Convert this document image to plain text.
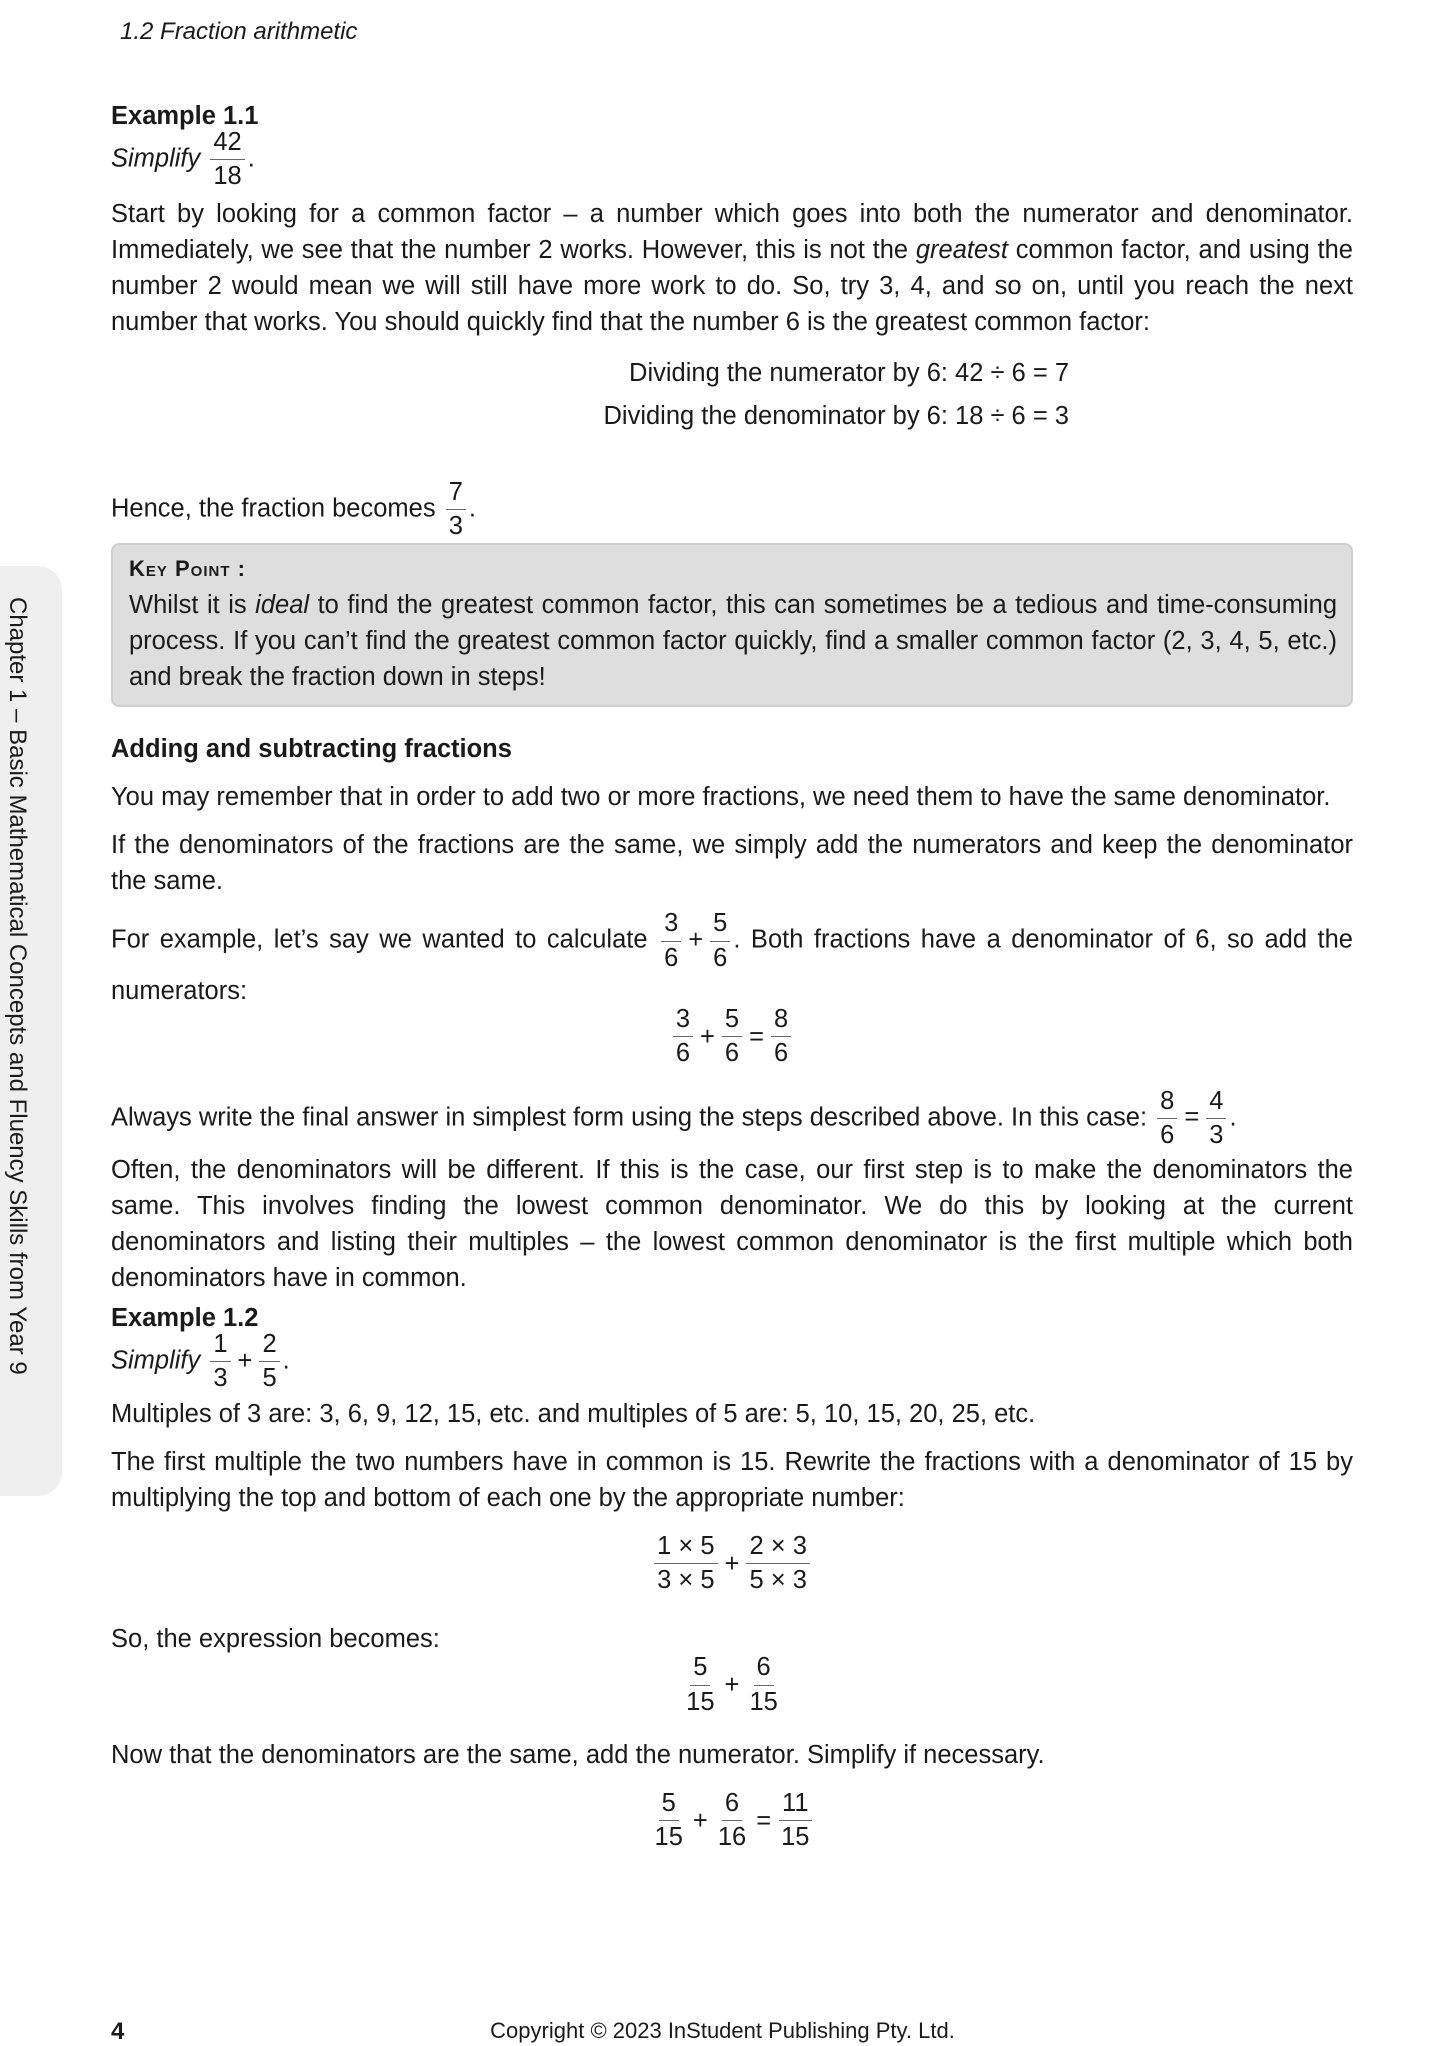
1.2 Fraction arithmetic
Chapter 1 – Basic Mathematical Concepts and Fluency Skills from Year 9
Example 1.1
Simplify $\frac{42}{18}$ .

Start by looking for a common factor – a number which goes into both the numerator and denominator. Immediately, we see that the number 2 works. However, this is not the greatest common factor, and using the number 2 would mean we will still have more work to do. So, try 3, 4, and so on, until you reach the next number that works. You should quickly find that the number 6 is the greatest common factor:

Dividing the numerator by 6: 42 ÷ 6 = 7
Dividing the denominator by 6: 18 ÷ 6 = 3
Hence, the fraction becomes $\frac{7}{3}$ .
Key Point :

Whilst it is ideal to find the greatest common factor, this can sometimes be a tedious and time-consuming process. If you can’t find the greatest common factor quickly, find a smaller common factor (2, 3, 4, 5, etc.) and break the fraction down in steps!

Adding and subtracting fractions

You may remember that in order to add two or more fractions, we need them to have the same denominator.

If the denominators of the fractions are the same, we simply add the numerators and keep the denominator the same.

For example, let’s say we wanted to calculate $\frac{3}{6} + \frac{5}{6}$ . Both fractions have a denominator of 6, so add the numerators:

$\frac{3}{6} + \frac{5}{6} = \frac{8}{6}$

Always write the final answer in simplest form using the steps described above. In this case: $\frac{8}{6} = \frac{4}{3}$ .

Often, the denominators will be different. If this is the case, our first step is to make the denominators the same. This involves finding the lowest common denominator. We do this by looking at the current denominators and listing their multiples – the lowest common denominator is the first multiple which both denominators have in common.

Example 1.2
Simplify $\frac{1}{3} + \frac{2}{5}$ .

Multiples of 3 are: 3, 6, 9, 12, 15, etc. and multiples of 5 are: 5, 10, 15, 20, 25, etc.

The first multiple the two numbers have in common is 15. Rewrite the fractions with a denominator of 15 by multiplying the top and bottom of each one by the appropriate number:

$\frac{1 \times 5}{3 \times 5} + \frac{2 \times 3}{5 \times 3}$

So, the expression becomes:

$\frac{5}{15} + \frac{6}{15}$

Now that the denominators are the same, add the numerator. Simplify if necessary.

$\frac{5}{15} + \frac{6}{16} = \frac{11}{15}$
4	Copyright © 2023 InStudent Publishing Pty. Ltd.
